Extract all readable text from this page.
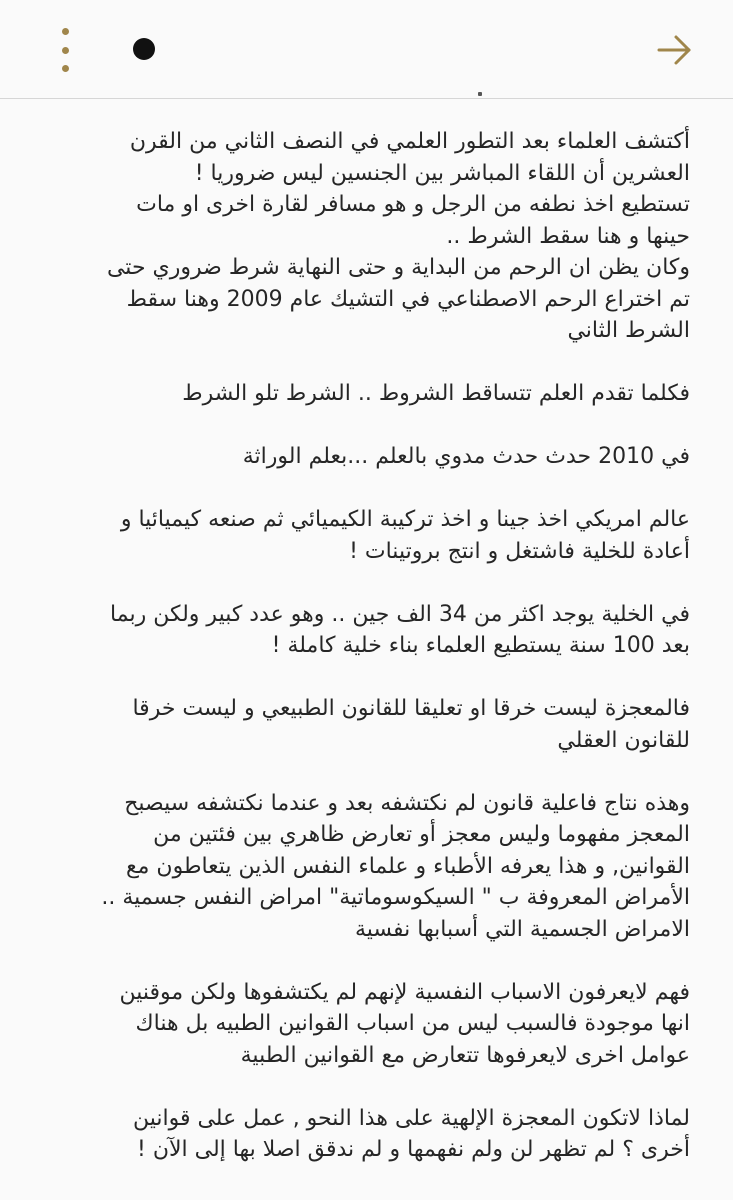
أكتشف العلماء بعد التطور العلمي في النصف الثاني من القرن
العشرين أن اللقاء المباشر بين الجنسين ليس ضروريا !
تستطيع اخذ نطفه من الرجل و هو مسافر لقارة اخرى او مات
حينها و هنا سقط الشرط ..
وكان يظن ان الرحم من البداية و حتى النهاية شرط ضروري حتى
تم اختراع الرحم الاصطناعي في التشيك عام 2009 وهنا سقط
الشرط الثاني
فكلما تقدم العلم تتساقط الشروط .. الشرط تلو الشرط
في 2010 حدث حدث مدوي بالعلم ...بعلم الوراثة
عالم امريكي اخذ جينا و اخذ تركيبة الكيميائي ثم صنعه كيميائيا و
أعادة للخلية فاشتغل و انتج بروتينات !
في الخلية يوجد اكثر من 34 الف جين .. وهو عدد كبير ولكن ربما
بعد 100 سنة يستطيع العلماء بناء خلية كاملة !
فالمعجزة ليست خرقا او تعليقا للقانون الطبيعي و ليست خرقا
للقانون العقلي
وهذه نتاج فاعلية قانون لم نكتشفه بعد و عندما نكتشفه سيصبح
المعجز مفهوما وليس معجز أو تعارض ظاهري بين فئتين من
القوانين, و هذا يعرفه الأطباء و علماء النفس الذين يتعاطون مع
الأمراض المعروفة ب " السيكوسوماتية" امراض النفس جسمية ..
الامراض الجسمية التي أسبابها نفسية
فهم لايعرفون الاسباب النفسية لإنهم لم يكتشفوها ولكن موقنين
انها موجودة فالسبب ليس من اسباب القوانين الطبيه بل هناك
عوامل اخرى لايعرفوها تتعارض مع القوانين الطبية
لماذا لاتكون المعجزة الإلهية على هذا النحو , عمل على قوانين
أخرى ؟ لم تظهر لن ولم نفهمها و لم ندقق اصلا بها إلى الآن !
